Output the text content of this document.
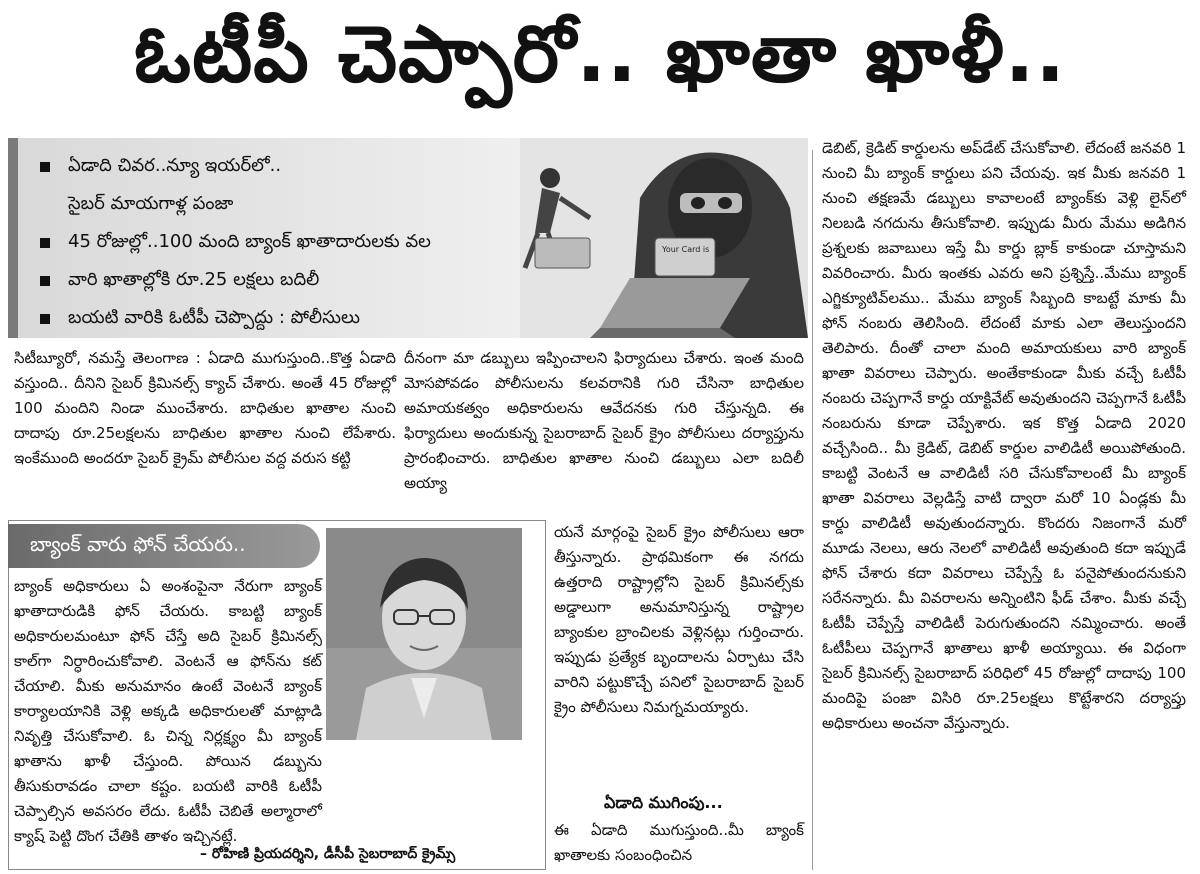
ఓటీపీ చెప్పారో.. ఖాతా ఖాళీ..
ఏడాది చివర..న్యూ ఇయర్‌లో..
సైబర్ మాయగాళ్ల పంజా
45 రోజుల్లో..100 మంది బ్యాంక్ ఖాతాదారులకు వల
వారి ఖాతాల్లోకి రూ.25 లక్షలు బదిలీ
బయటి వారికి ఓటీపీ చెప్పొద్దు : పోలీసులు
Your Card is

సిటీబ్యూరో, నమస్తే తెలంగాణ : ఏడాది ముగుస్తుంది..కొత్త ఏడాది వస్తుంది.. దీనిని సైబర్ క్రిమినల్స్ క్యాచ్ చేశారు. అంతే 45 రోజుల్లో 100 మందిని నిండా ముంచేశారు. బాధితుల ఖాతాల నుంచి దాదాపు రూ.25లక్షలను బాధితుల ఖాతాల నుంచి లేపేశారు. ఇంకేముంది అందరూ సైబర్ క్రైమ్ పోలీసుల వద్ద వరుస కట్టి

దీనంగా మా డబ్బులు ఇప్పించాలని ఫిర్యాదులు చేశారు. ఇంత మంది మోసపోవడం పోలీసులను కలవరానికి గురి చేసినా బాధితుల అమాయకత్వం అధికారులను ఆవేదనకు గురి చేస్తున్నది. ఈ ఫిర్యాదులు అందుకున్న సైబరాబాద్ సైబర్ క్రైం పోలీసులు దర్యాప్తును ప్రారంభించారు. బాధితుల ఖాతాల నుంచి డబ్బులు ఎలా బదిలీ అయ్యా

యనే మార్గంపై సైబర్ క్రైం పోలీసులు ఆరా తీస్తున్నారు. ప్రాథమికంగా ఈ నగదు ఉత్తరాది రాష్ట్రాల్లోని సైబర్ క్రిమినల్స్‌కు అడ్డాలుగా అనుమానిస్తున్న రాష్ట్రాల బ్యాంకుల బ్రాంచిలకు వెళ్లినట్లు గుర్తించారు. ఇప్పుడు ప్రత్యేక బృందాలను ఏర్పాటు చేసి వారిని పట్టుకొచ్చే పనిలో సైబరాబాద్ సైబర్ క్రైం పోలీసులు నిమగ్నమయ్యారు.

ఏడాది ముగింపు...

ఈ ఏడాది ముగుస్తుంది..మీ బ్యాంక్ ఖాతాలకు సంబంధించిన

డెబిట్, క్రెడిట్ కార్డులను అప్‌డేట్ చేసుకోవాలి. లేదంటే జనవరి 1 నుంచి మీ బ్యాంక్ కార్డులు పని చేయవు. ఇక మీకు జనవరి 1 నుంచి తక్షణమే డబ్బులు కావాలంటే బ్యాంక్‌కు వెళ్లి లైన్‌లో నిలబడి నగదును తీసుకోవాలి. ఇప్పుడు మీరు మేము అడిగిన ప్రశ్నలకు జవాబులు ఇస్తే మీ కార్డు బ్లాక్ కాకుండా చూస్తామని వివరించారు. మీరు ఇంతకు ఎవరు అని ప్రశ్నిస్తే..మేము బ్యాంక్ ఎగ్జిక్యూటివ్‌లము.. మేము బ్యాంక్ సిబ్బంది కాబట్టే మాకు మీ ఫోన్ నంబరు తెలిసింది. లేదంటే మాకు ఎలా తెలుస్తుందని తెలిపారు. దీంతో చాలా మంది అమాయకులు వారి బ్యాంక్ ఖాతా వివరాలు చెప్పారు. అంతేకాకుండా మీకు వచ్చే ఓటీపీ నంబరు చెప్పగానే కార్డు యాక్టివేట్ అవుతుందని చెప్పగానే ఓటీపీ నంబరును కూడా చెప్పేశారు. ఇక కొత్త ఏడాది 2020 వచ్చేసింది.. మీ క్రెడిట్, డెబిట్ కార్డుల వాలిడిటీ అయిపోతుంది. కాబట్టి వెంటనే ఆ వాలిడిటీ సరి చేసుకోవాలంటే మీ బ్యాంక్ ఖాతా వివరాలు వెల్లడిస్తే వాటి ద్వారా మరో 10 ఏండ్లకు మీ కార్డు వాలిడిటీ అవుతుందన్నారు. కొందరు నిజంగానే మరో మూడు నెలలు, ఆరు నెలలో వాలిడిటీ అవుతుంది కదా ఇప్పుడే ఫోన్ చేశారు కదా వివరాలు చెప్పేస్తే ఓ పనైపోతుందనుకుని సరేనన్నారు. మీ వివరాలను అన్నింటిని ఫీడ్ చేశాం. మీకు వచ్చే ఓటీపీ చెప్పేస్తే వాలిడిటీ పెరుగుతుందని నమ్మించారు. అంతే ఓటీపీలు చెప్పగానే ఖాతాలు ఖాళీ అయ్యాయి. ఈ విధంగా సైబర్ క్రిమినల్స్ సైబరాబాద్ పరిధిలో 45 రోజుల్లో దాదాపు 100 మందిపై పంజా విసిరి రూ.25లక్షలు కొట్టేశారని దర్యాప్తు అధికారులు అంచనా వేస్తున్నారు.

బ్యాంక్ వారు ఫోన్ చేయరు..

బ్యాంక్ అధికారులు ఏ అంశంపైనా నేరుగా బ్యాంక్ ఖాతాదారుడికి ఫోన్ చేయరు. కాబట్టి బ్యాంక్ అధికారులమంటూ ఫోన్ చేస్తే అది సైబర్ క్రిమినల్స్ కాల్‌గా నిర్ధారించుకోవాలి. వెంటనే ఆ ఫోన్‌ను కట్ చేయాలి. మీకు అనుమానం ఉంటే వెంటనే బ్యాంక్ కార్యాలయానికి వెళ్లి అక్కడి అధికారులతో మాట్లాడి నివృత్తి చేసుకోవాలి. ఓ చిన్న నిర్లక్ష్యం మీ బ్యాంక్ ఖాతాను ఖాళీ చేస్తుంది. పోయిన డబ్బును తీసుకురావడం చాలా కష్టం. బయటి వారికి ఓటీపీ చెప్పాల్సిన అవసరం లేదు. ఓటీపీ చెబితే అల్మారాలో క్యాష్ పెట్టి దొంగ చేతికి తాళం ఇచ్చినట్లే.

– రోహిణి ప్రియదర్శిని, డీసీపీ సైబరాబాద్ క్రైమ్స్
